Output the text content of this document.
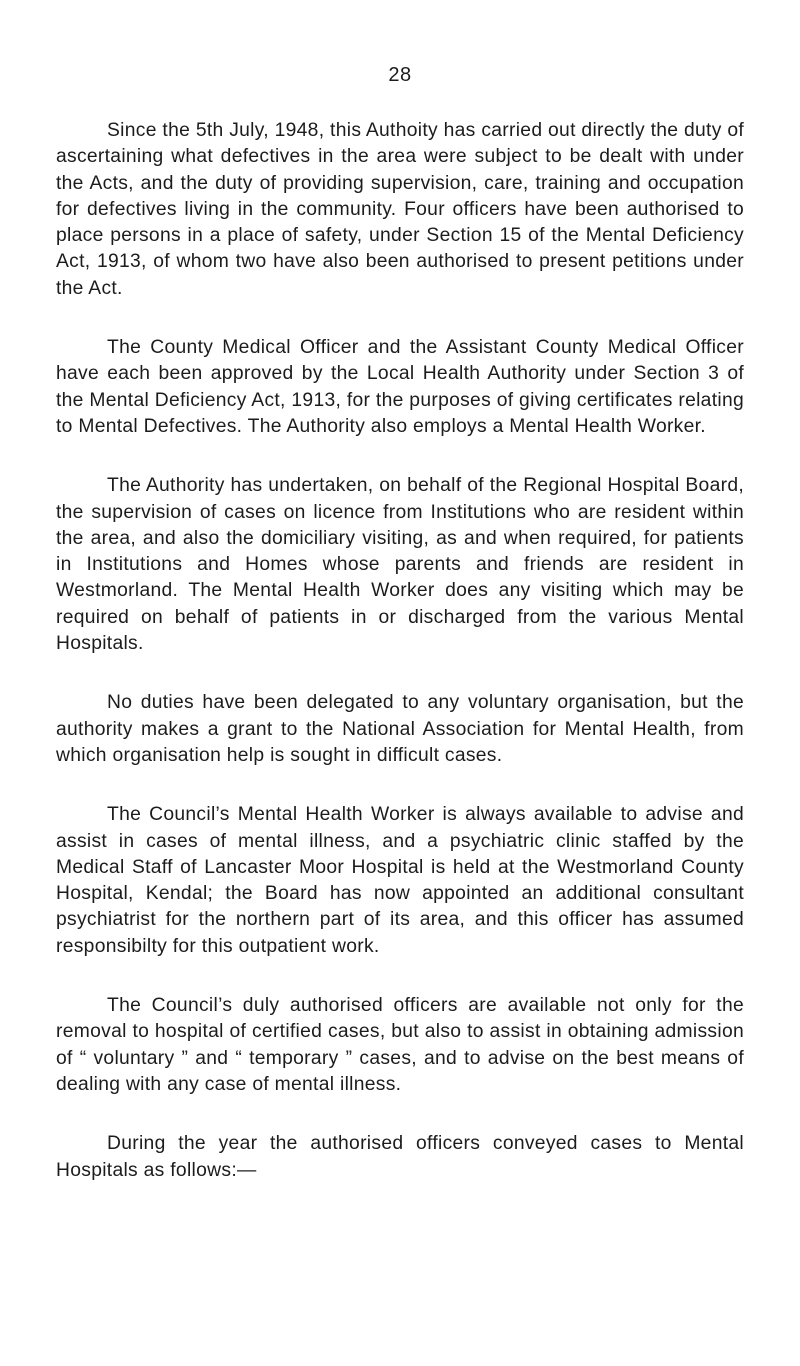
28

Since the 5th July, 1948, this Authoity has carried out directly the duty of ascertaining what defectives in the area were subject to be dealt with under the Acts, and the duty of providing supervision, care, training and occupation for defectives living in the community. Four officers have been authorised to place persons in a place of safety, under Section 15 of the Mental Deficiency Act, 1913, of whom two have also been authorised to present petitions under the Act.

The County Medical Officer and the Assistant County Medical Officer have each been approved by the Local Health Authority under Section 3 of the Mental Deficiency Act, 1913, for the purposes of giving certificates relating to Mental Defectives. The Authority also employs a Mental Health Worker.

The Authority has undertaken, on behalf of the Regional Hospital Board, the supervision of cases on licence from Institutions who are resident within the area, and also the domiciliary visiting, as and when required, for patients in Institutions and Homes whose parents and friends are resident in Westmorland. The Mental Health Worker does any visiting which may be required on behalf of patients in or discharged from the various Mental Hospitals.

No duties have been delegated to any voluntary organisation, but the authority makes a grant to the National Association for Mental Health, from which organisation help is sought in difficult cases.

The Council’s Mental Health Worker is always available to advise and assist in cases of mental illness, and a psychiatric clinic staffed by the Medical Staff of Lancaster Moor Hospital is held at the Westmorland County Hospital, Kendal; the Board has now appointed an additional consultant psychiatrist for the northern part of its area, and this officer has assumed responsibilty for this outpatient work.

The Council’s duly authorised officers are available not only for the removal to hospital of certified cases, but also to assist in obtaining admission of “ voluntary ” and “ temporary ” cases, and to advise on the best means of dealing with any case of mental illness.

During the year the authorised officers conveyed cases to Mental Hospitals as follows:—
